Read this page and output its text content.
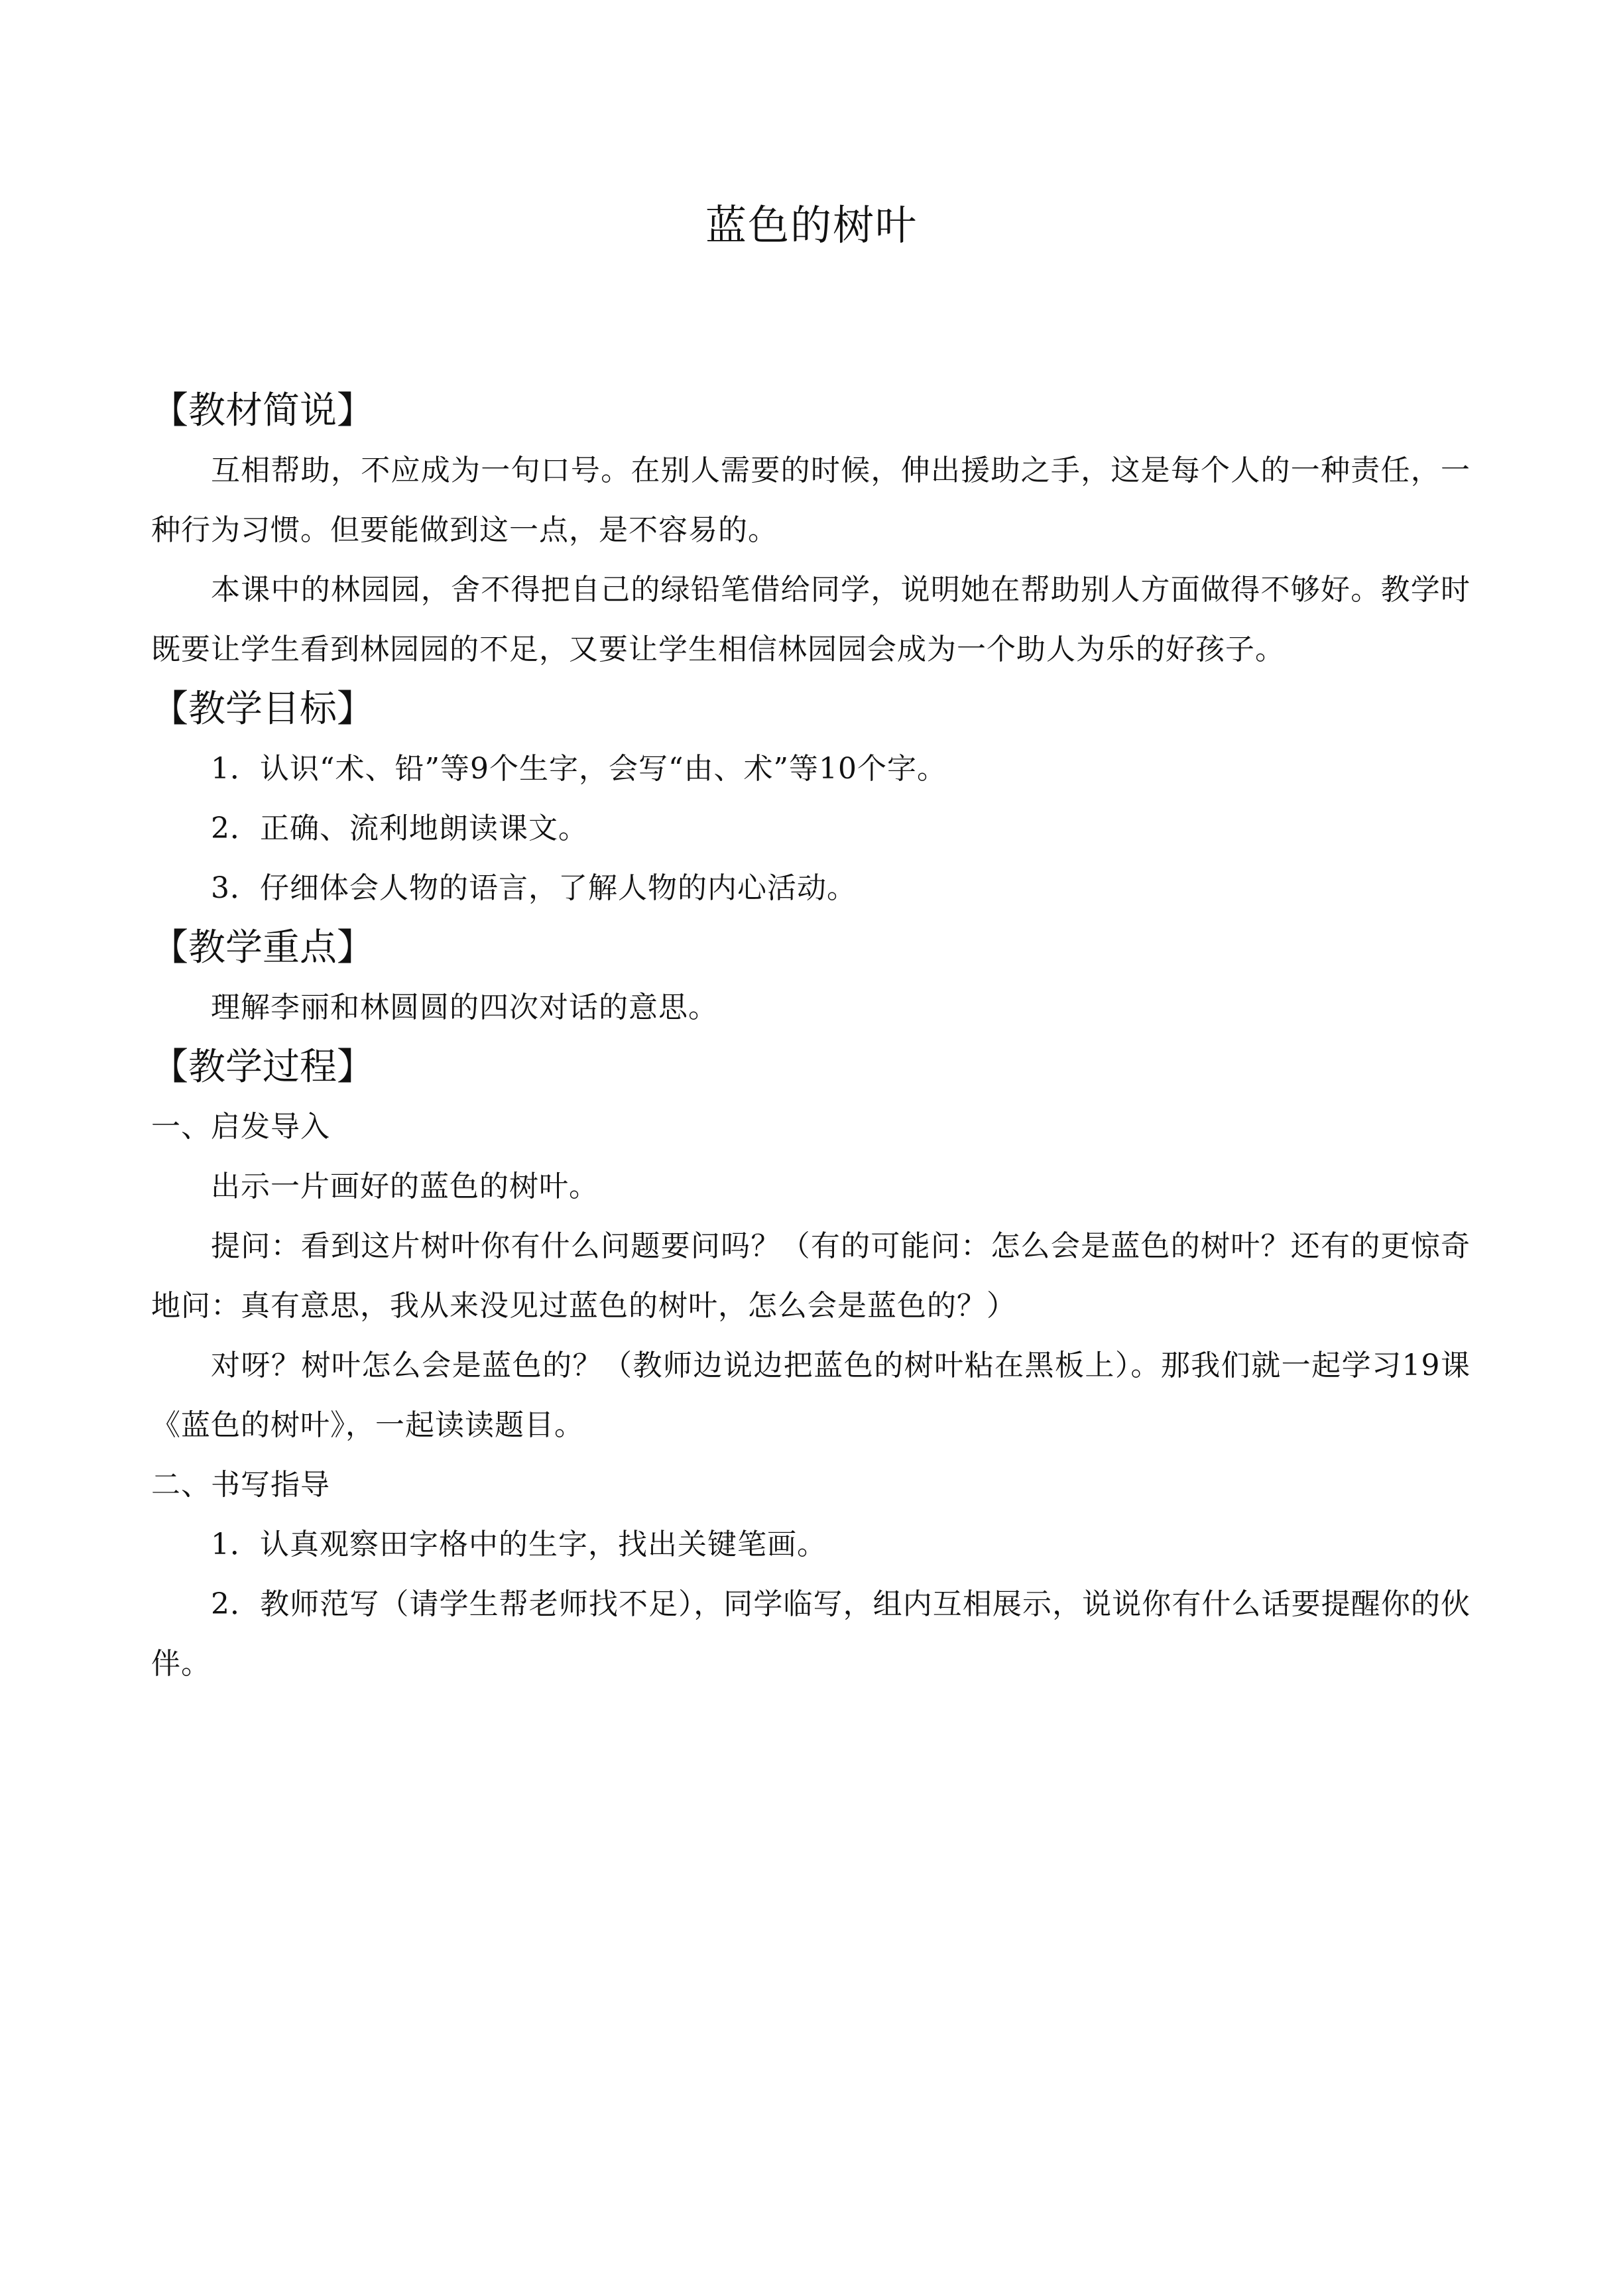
蓝色的树叶
【教材简说】

互相帮助，不应成为一句口号。在别人需要的时候，伸出援助之手，这是每个人的一种责任，一种行为习惯。但要能做到这一点，是不容易的。

本课中的林园园，舍不得把自己的绿铅笔借给同学，说明她在帮助别人方面做得不够好。教学时既要让学生看到林园园的不足，又要让学生相信林园园会成为一个助人为乐的好孩子。

【教学目标】

1．认识“术、铅”等9个生字，会写“由、术”等10个字。

2．正确、流利地朗读课文。

3．仔细体会人物的语言，了解人物的内心活动。

【教学重点】

理解李丽和林圆圆的四次对话的意思。

【教学过程】

一、启发导入

出示一片画好的蓝色的树叶。

提问：看到这片树叶你有什么问题要问吗？（有的可能问：怎么会是蓝色的树叶？还有的更惊奇地问：真有意思，我从来没见过蓝色的树叶，怎么会是蓝色的？）

对呀？树叶怎么会是蓝色的？（教师边说边把蓝色的树叶粘在黑板上）。那我们就一起学习19课《蓝色的树叶》，一起读读题目。

二、书写指导

1．认真观察田字格中的生字，找出关键笔画。

2．教师范写（请学生帮老师找不足），同学临写，组内互相展示，说说你有什么话要提醒你的伙伴。
